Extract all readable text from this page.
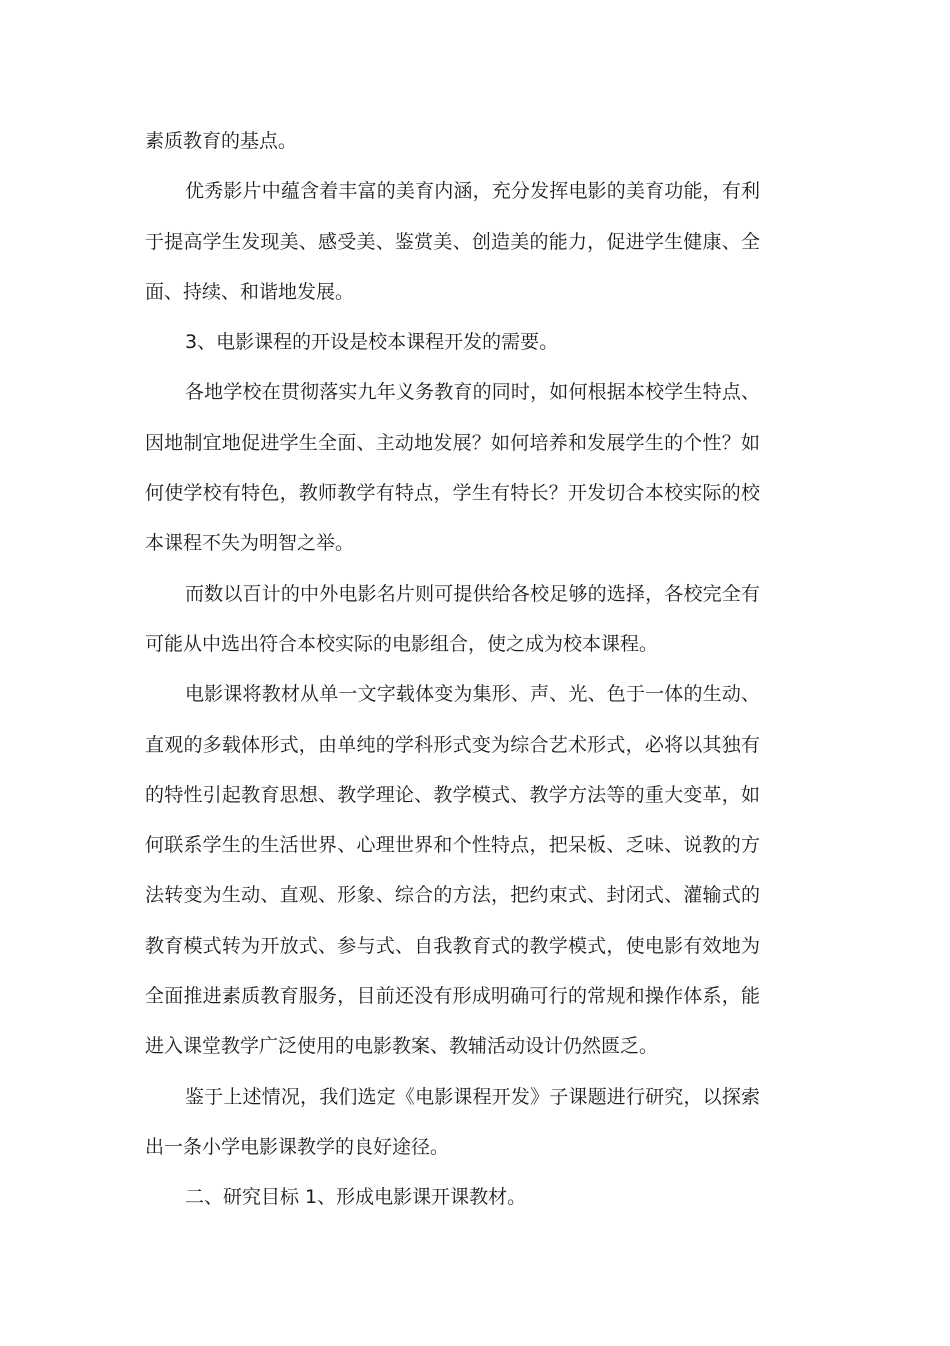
素质教育的基点。
优秀影片中蕴含着丰富的美育内涵，充分发挥电影的美育功能，有利
于提高学生发现美、感受美、鉴赏美、创造美的能力，促进学生健康、全
面、持续、和谐地发展。
3、电影课程的开设是校本课程开发的需要。
各地学校在贯彻落实九年义务教育的同时，如何根据本校学生特点、
因地制宜地促进学生全面、主动地发展？如何培养和发展学生的个性？如
何使学校有特色，教师教学有特点，学生有特长？开发切合本校实际的校
本课程不失为明智之举。
而数以百计的中外电影名片则可提供给各校足够的选择，各校完全有
可能从中选出符合本校实际的电影组合，使之成为校本课程。
电影课将教材从单一文字载体变为集形、声、光、色于一体的生动、
直观的多载体形式，由单纯的学科形式变为综合艺术形式，必将以其独有
的特性引起教育思想、教学理论、教学模式、教学方法等的重大变革，如
何联系学生的生活世界、心理世界和个性特点，把呆板、乏味、说教的方
法转变为生动、直观、形象、综合的方法，把约束式、封闭式、灌输式的
教育模式转为开放式、参与式、自我教育式的教学模式，使电影有效地为
全面推进素质教育服务，目前还没有形成明确可行的常规和操作体系，能
进入课堂教学广泛使用的电影教案、教辅活动设计仍然匮乏。
鉴于上述情况，我们选定《电影课程开发》子课题进行研究，以探索
出一条小学电影课教学的良好途径。
二、研究目标 1、形成电影课开课教材。
